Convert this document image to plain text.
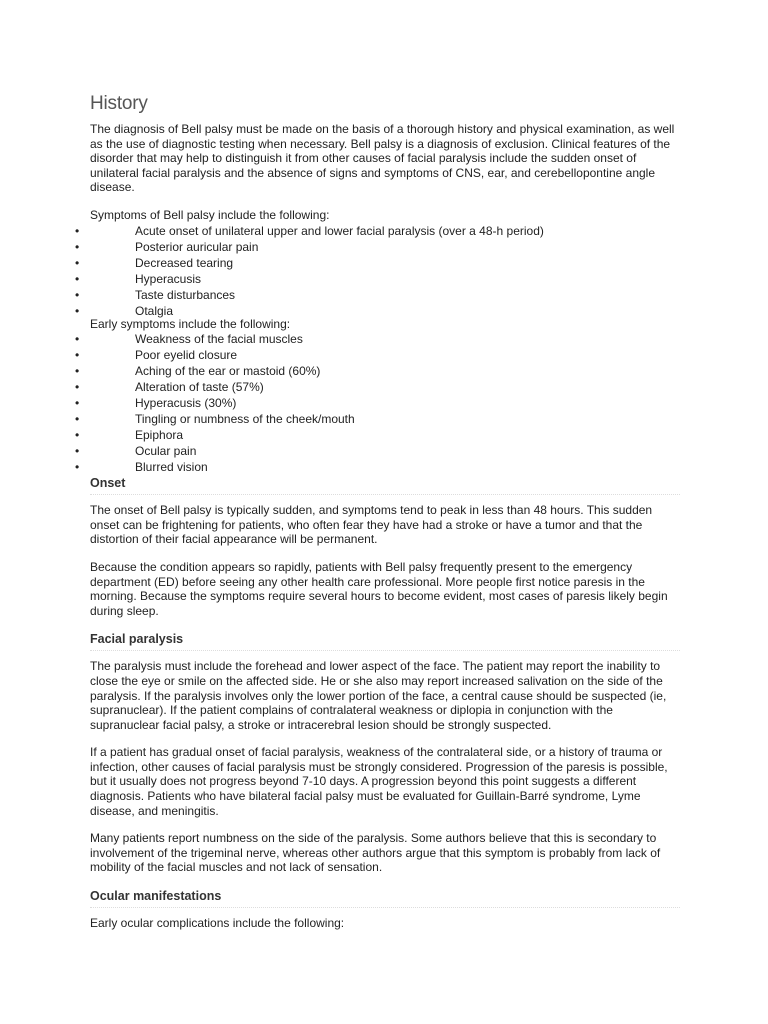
History

The diagnosis of Bell palsy must be made on the basis of a thorough history and physical examination, as well as the use of diagnostic testing when necessary. Bell palsy is a diagnosis of exclusion. Clinical features of the disorder that may help to distinguish it from other causes of facial paralysis include the sudden onset of unilateral facial paralysis and the absence of signs and symptoms of CNS, ear, and cerebellopontine angle disease.

Symptoms of Bell palsy include the following:

•	Acute onset of unilateral upper and lower facial paralysis (over a 48-h period)
•	Posterior auricular pain
•	Decreased tearing
•	Hyperacusis
•	Taste disturbances
•	Otalgia

Early symptoms include the following:

•	Weakness of the facial muscles
•	Poor eyelid closure
•	Aching of the ear or mastoid (60%)
•	Alteration of taste (57%)
•	Hyperacusis (30%)
•	Tingling or numbness of the cheek/mouth
•	Epiphora
•	Ocular pain
•	Blurred vision
Onset

The onset of Bell palsy is typically sudden, and symptoms tend to peak in less than 48 hours. This sudden onset can be frightening for patients, who often fear they have had a stroke or have a tumor and that the distortion of their facial appearance will be permanent.

Because the condition appears so rapidly, patients with Bell palsy frequently present to the emergency department (ED) before seeing any other health care professional. More people first notice paresis in the morning. Because the symptoms require several hours to become evident, most cases of paresis likely begin during sleep.

Facial paralysis

The paralysis must include the forehead and lower aspect of the face. The patient may report the inability to close the eye or smile on the affected side. He or she also may report increased salivation on the side of the paralysis. If the paralysis involves only the lower portion of the face, a central cause should be suspected (ie, supranuclear). If the patient complains of contralateral weakness or diplopia in conjunction with the supranuclear facial palsy, a stroke or intracerebral lesion should be strongly suspected.

If a patient has gradual onset of facial paralysis, weakness of the contralateral side, or a history of trauma or infection, other causes of facial paralysis must be strongly considered. Progression of the paresis is possible, but it usually does not progress beyond 7-10 days. A progression beyond this point suggests a different diagnosis. Patients who have bilateral facial palsy must be evaluated for Guillain-Barré syndrome, Lyme disease, and meningitis.

Many patients report numbness on the side of the paralysis. Some authors believe that this is secondary to involvement of the trigeminal nerve, whereas other authors argue that this symptom is probably from lack of mobility of the facial muscles and not lack of sensation.

Ocular manifestations

Early ocular complications include the following:
